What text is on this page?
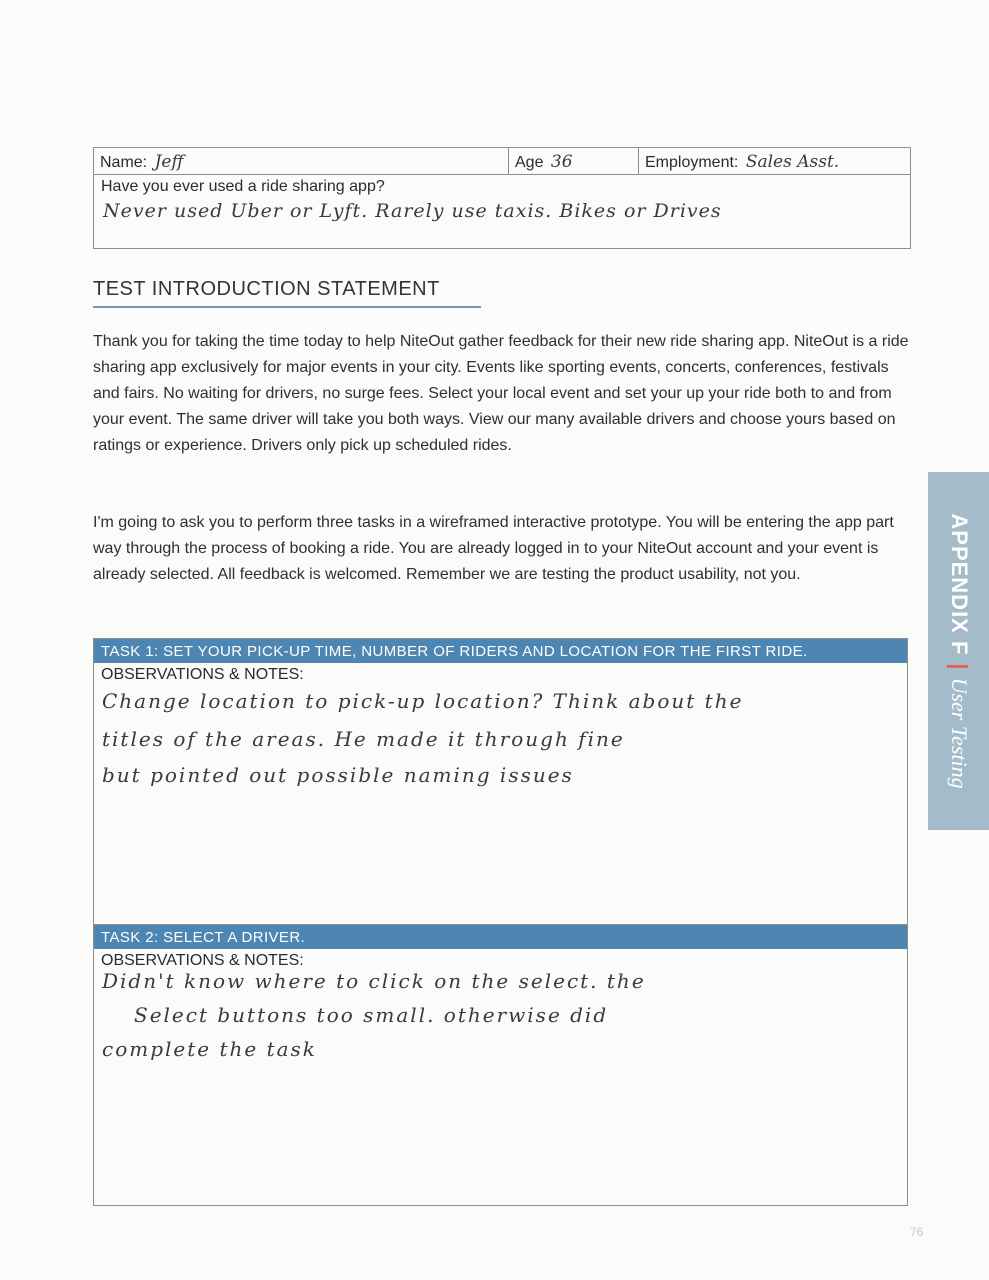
Name: Jeff	Age 36	Employment: Sales Asst.
Have you ever used a ride sharing app?
Never used Uber or Lyft. Rarely use taxis. Bikes or Drives
TEST INTRODUCTION STATEMENT
Thank you for taking the time today to help NiteOut gather feedback for their new ride sharing app. NiteOut is a ride sharing app exclusively for major events in your city. Events like sporting events, concerts, conferences, festivals and fairs. No waiting for drivers, no surge fees. Select your local event and set your up your ride both to and from your event. The same driver will take you both ways. View our many available drivers and choose yours based on ratings or experience. Drivers only pick up scheduled rides.
I'm going to ask you to perform three tasks in a wireframed interactive prototype. You will be entering the app part way through the process of booking a ride. You are already logged in to your NiteOut account and your event is already selected. All feedback is welcomed. Remember we are testing the product usability, not you.
TASK 1: SET YOUR PICK-UP TIME, NUMBER OF RIDERS AND LOCATION FOR THE FIRST RIDE.
OBSERVATIONS & NOTES:
Change location to pick-up location? Think about the
titles of the areas. He made it through fine
but pointed out possible naming issues
TASK 2: SELECT A DRIVER.
OBSERVATIONS & NOTES:
Didn't know where to click on the select. the
Select buttons too small. otherwise did
complete the task
APPENDIX F|User Testing
76
